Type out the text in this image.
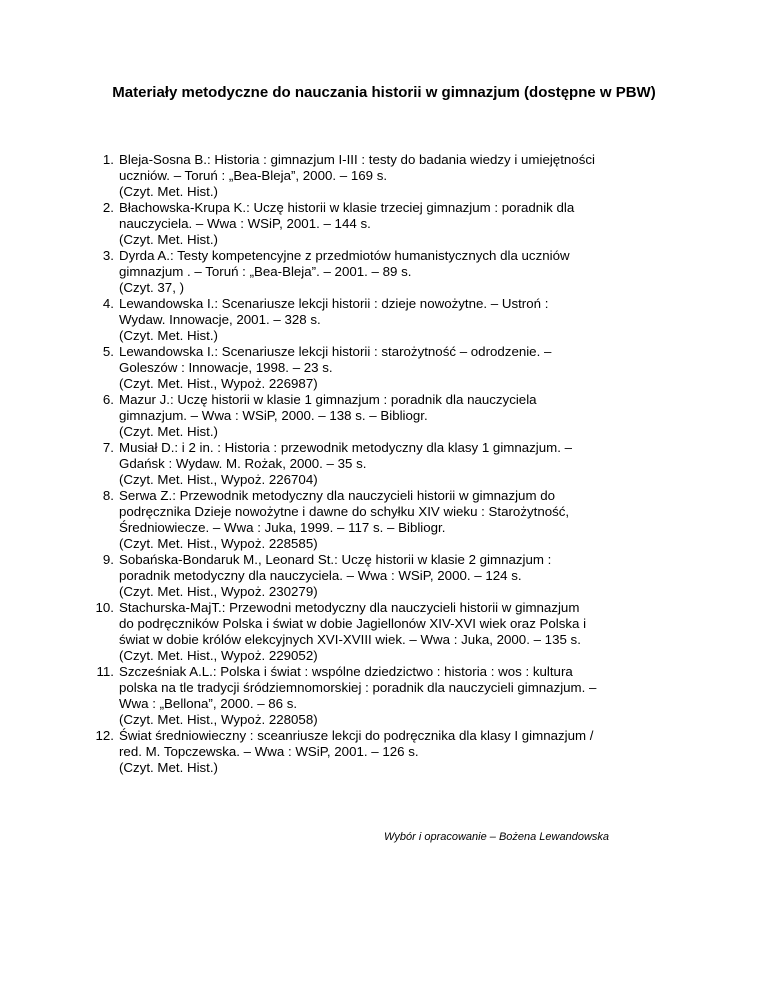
Materiały metodyczne do nauczania historii w gimnazjum (dostępne w PBW)
1. Bleja-Sosna B.: Historia : gimnazjum I-III : testy do badania wiedzy i umiejętności
uczniów. – Toruń : „Bea-Bleja”, 2000. – 169 s.
(Czyt. Met. Hist.)
2. Błachowska-Krupa K.: Uczę historii w klasie trzeciej gimnazjum : poradnik dla
nauczyciela. – Wwa : WSiP, 2001. – 144 s.
(Czyt. Met. Hist.)
3. Dyrda A.: Testy kompetencyjne z przedmiotów humanistycznych dla uczniów
gimnazjum . – Toruń : „Bea-Bleja”. – 2001. – 89 s.
(Czyt. 37, )
4. Lewandowska I.: Scenariusze lekcji historii : dzieje nowożytne. – Ustroń :
Wydaw. Innowacje, 2001. – 328 s.
(Czyt. Met. Hist.)
5. Lewandowska I.: Scenariusze lekcji historii : starożytność – odrodzenie. –
Goleszów : Innowacje, 1998. – 23 s.
(Czyt. Met. Hist., Wypoż. 226987)
6. Mazur J.: Uczę historii w klasie 1 gimnazjum : poradnik dla nauczyciela
gimnazjum. – Wwa : WSiP, 2000. – 138 s. – Bibliogr.
(Czyt. Met. Hist.)
7. Musiał D.: i 2 in. : Historia : przewodnik metodyczny dla klasy 1 gimnazjum. –
Gdańsk : Wydaw. M. Rożak, 2000. – 35 s.
(Czyt. Met. Hist., Wypoż. 226704)
8. Serwa Z.: Przewodnik metodyczny dla nauczycieli historii w gimnazjum do
podręcznika Dzieje nowożytne i dawne do schyłku XIV wieku : Starożytność,
Średniowiecze. – Wwa : Juka, 1999. – 117 s. – Bibliogr.
(Czyt. Met. Hist., Wypoż. 228585)
9. Sobańska-Bondaruk M., Leonard St.: Uczę historii w klasie 2 gimnazjum :
poradnik metodyczny dla nauczyciela. – Wwa : WSiP, 2000. – 124 s.
(Czyt. Met. Hist., Wypoż. 230279)
10. Stachurska-MajT.: Przewodni metodyczny dla nauczycieli historii w gimnazjum
do podręczników Polska i świat w dobie Jagiellonów XIV-XVI wiek oraz Polska i
świat w dobie królów elekcyjnych XVI-XVIII wiek. – Wwa : Juka, 2000. – 135 s.
(Czyt. Met. Hist., Wypoż. 229052)
11. Szcześniak A.L.: Polska i świat : wspólne dziedzictwo : historia : wos : kultura
polska na tle tradycji śródziemnomorskiej : poradnik dla nauczycieli gimnazjum. –
Wwa : „Bellona”, 2000. – 86 s.
(Czyt. Met. Hist., Wypoż. 228058)
12. Świat średniowieczny : sceanriusze lekcji do podręcznika dla klasy I gimnazjum /
red. M. Topczewska. – Wwa : WSiP, 2001. – 126 s.
(Czyt. Met. Hist.)

Wybór i opracowanie – Bożena Lewandowska
